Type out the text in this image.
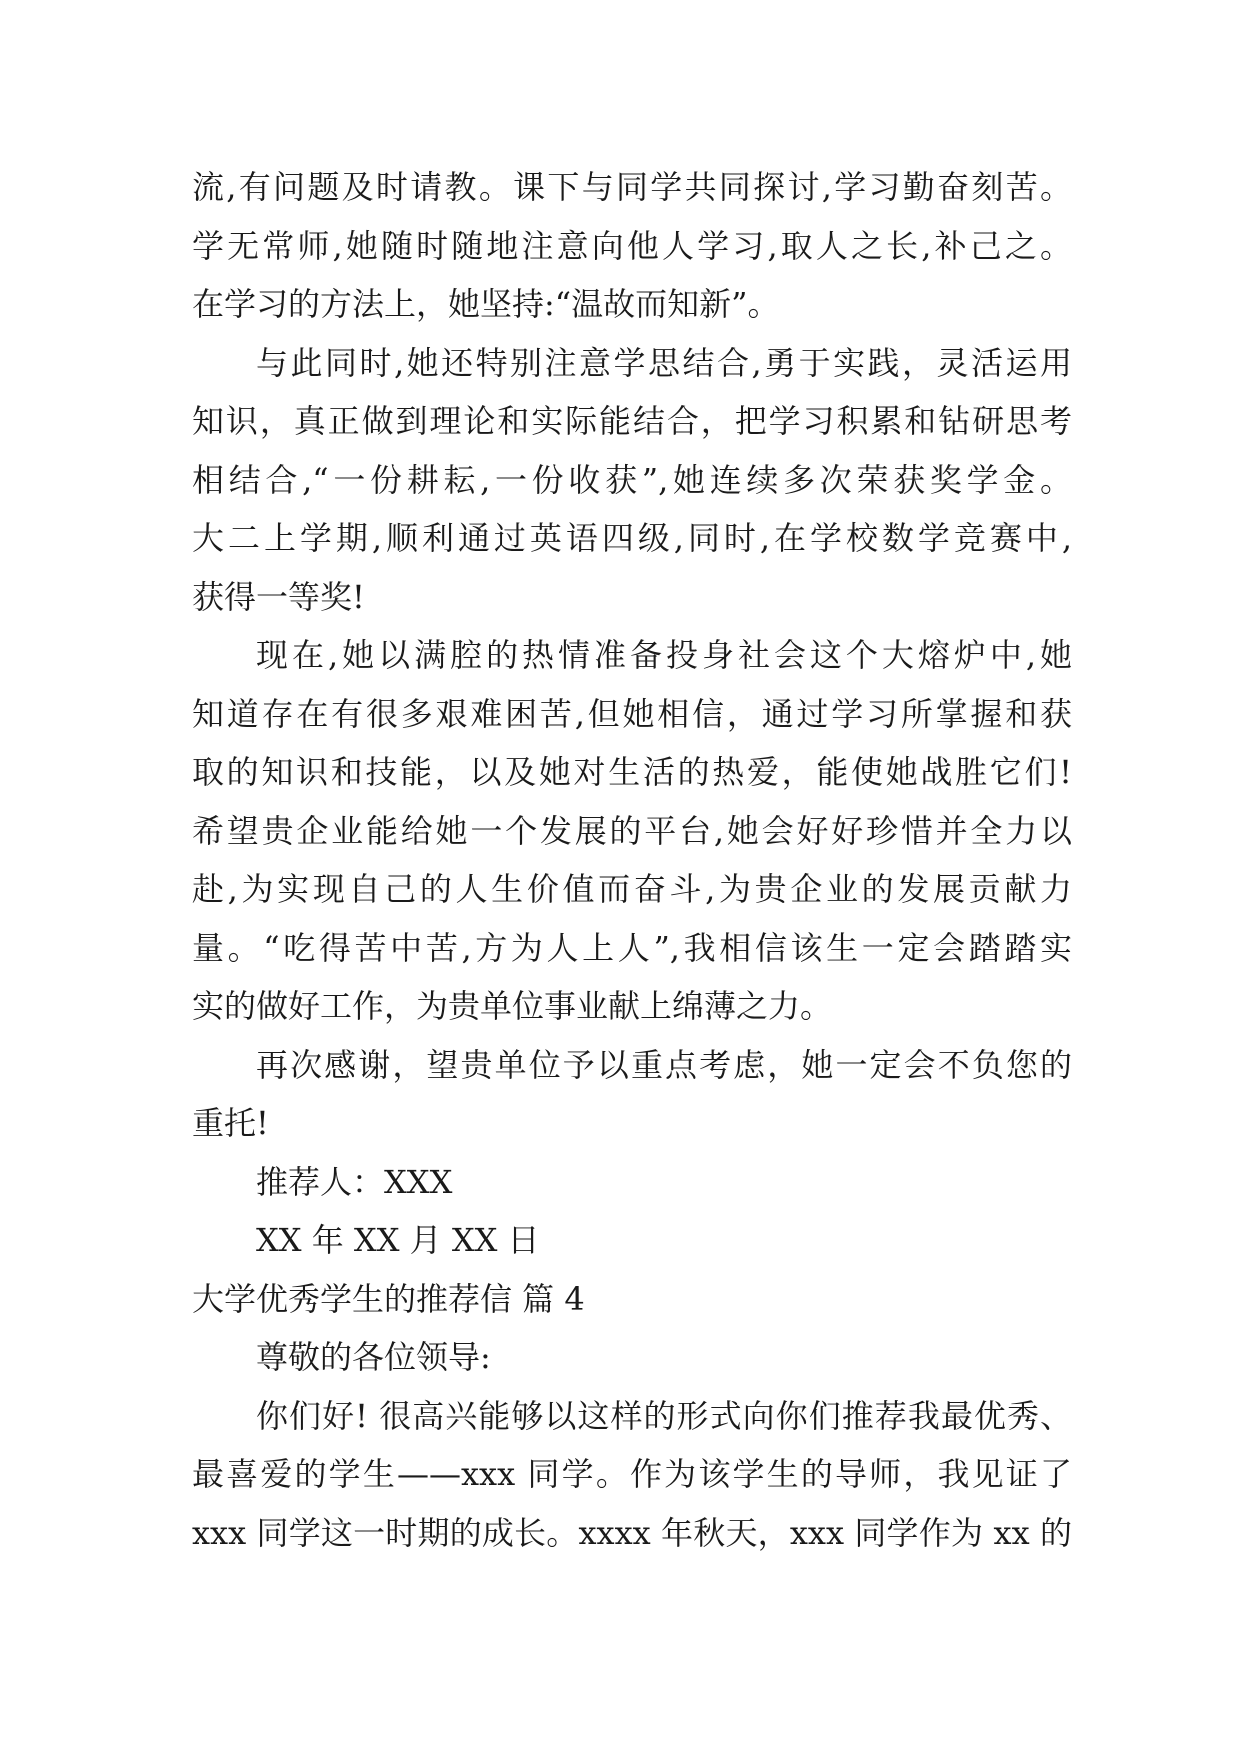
流,有问题及时请教。课下与同学共同探讨,学习勤奋刻苦。
学无常师,她随时随地注意向他人学习,取人之长,补己之。
在学习的方法上，她坚持:“温故而知新”。
与此同时,她还特别注意学思结合,勇于实践，灵活运用
知识，真正做到理论和实际能结合，把学习积累和钻研思考
相结合,“一份耕耘,一份收获”,她连续多次荣获奖学金。
大二上学期,顺利通过英语四级,同时,在学校数学竞赛中,
获得一等奖!
现在,她以满腔的热情准备投身社会这个大熔炉中,她
知道存在有很多艰难困苦,但她相信，通过学习所掌握和获
取的知识和技能，以及她对生活的热爱，能使她战胜它们!
希望贵企业能给她一个发展的平台,她会好好珍惜并全力以
赴,为实现自己的人生价值而奋斗,为贵企业的发展贡献力
量。“吃得苦中苦,方为人上人”,我相信该生一定会踏踏实
实的做好工作，为贵单位事业献上绵薄之力。
再次感谢，望贵单位予以重点考虑，她一定会不负您的
重托!
推荐人：XXX
XX 年 XX 月 XX 日
大学优秀学生的推荐信 篇 4
尊敬的各位领导:
你们好! 很高兴能够以这样的形式向你们推荐我最优秀、
最喜爱的学生——xxx 同学。作为该学生的导师，我见证了
xxx 同学这一时期的成长。xxxx 年秋天，xxx 同学作为 xx 的
